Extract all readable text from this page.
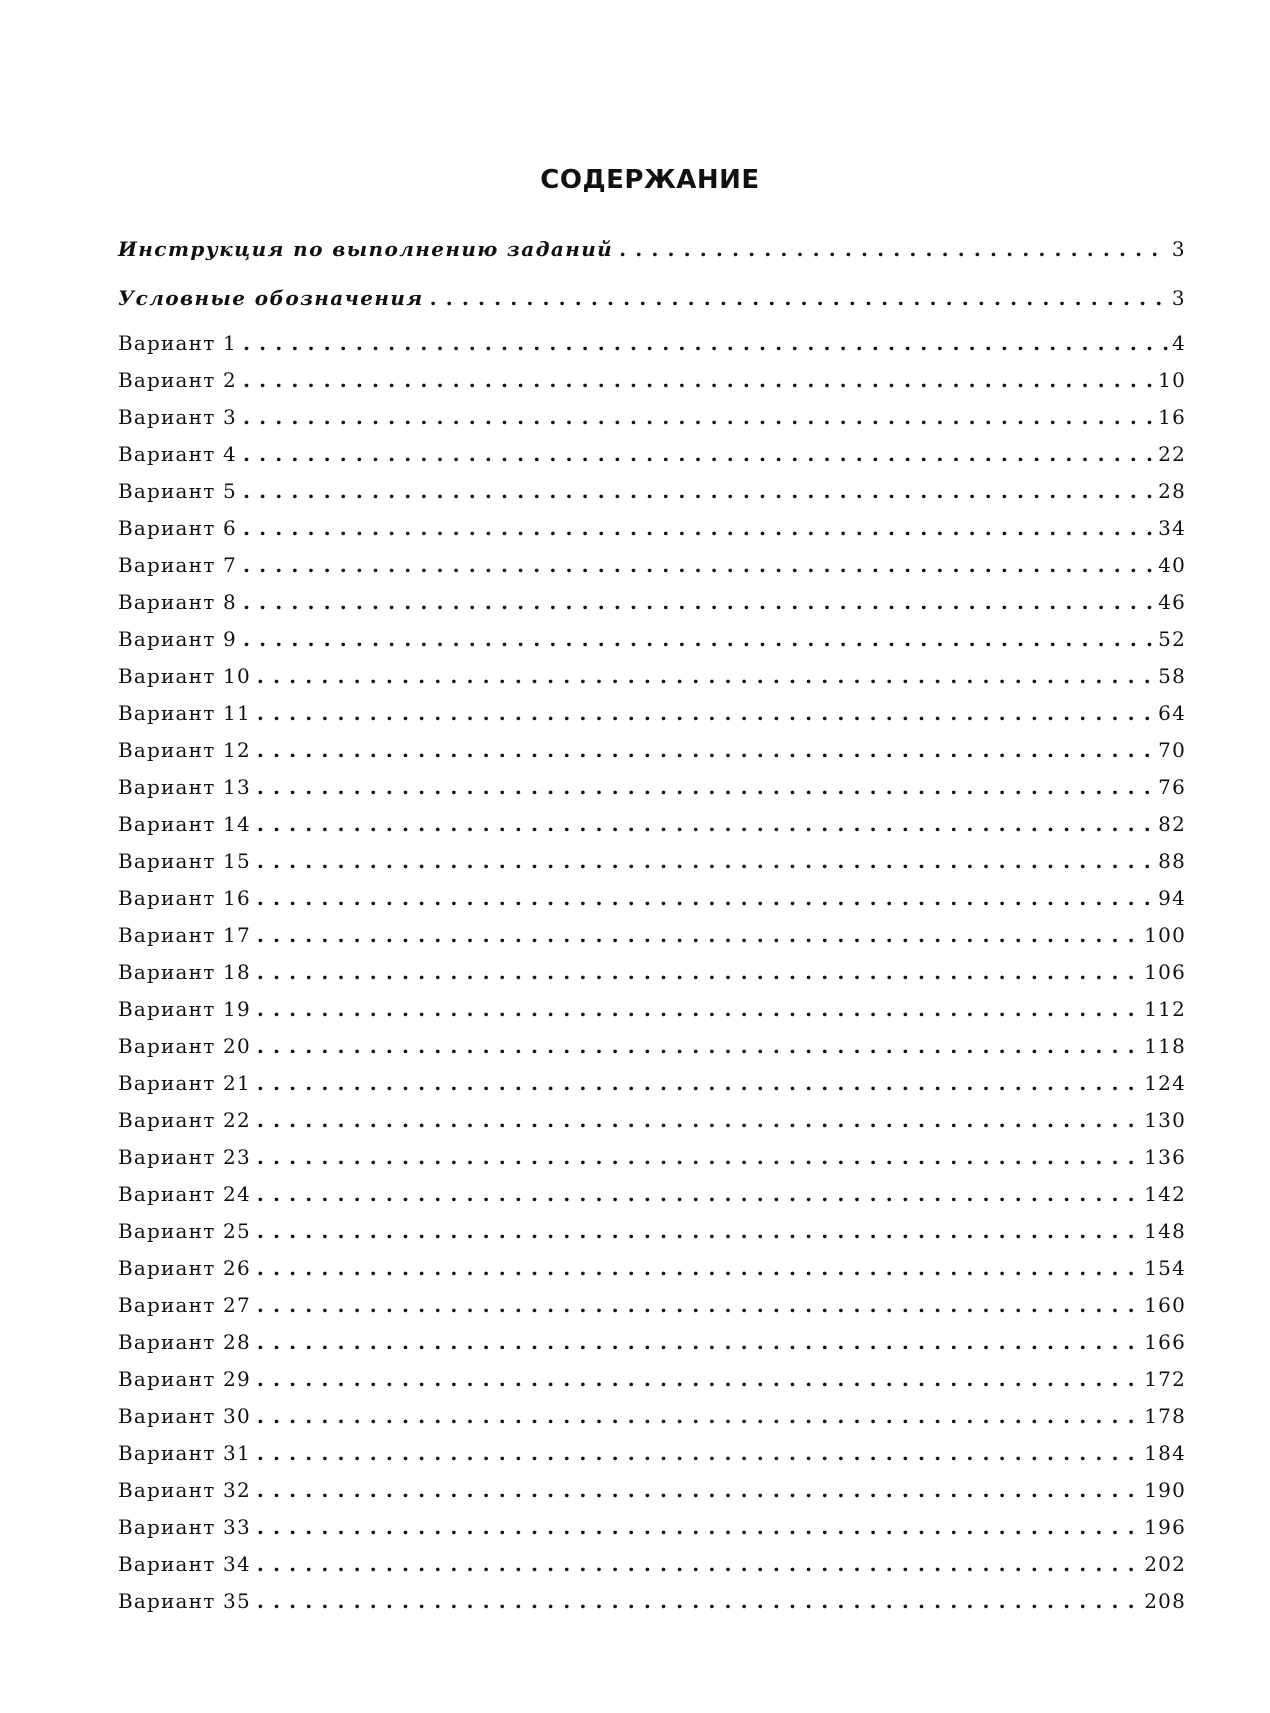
СОДЕРЖАНИЕ
Инструкция по выполнению заданий . . .	3
Условные обозначения . . .	3
Вариант 1 . . .	4
Вариант 2 . . .	10
Вариант 3 . . .	16
Вариант 4 . . .	22
Вариант 5 . . .	28
Вариант 6 . . .	34
Вариант 7 . . .	40
Вариант 8 . . .	46
Вариант 9 . . .	52
Вариант 10 . . .	58
Вариант 11 . . .	64
Вариант 12 . . .	70
Вариант 13 . . .	76
Вариант 14 . . .	82
Вариант 15 . . .	88
Вариант 16 . . .	94
Вариант 17 . . .	100
Вариант 18 . . .	106
Вариант 19 . . .	112
Вариант 20 . . .	118
Вариант 21 . . .	124
Вариант 22 . . .	130
Вариант 23 . . .	136
Вариант 24 . . .	142
Вариант 25 . . .	148
Вариант 26 . . .	154
Вариант 27 . . .	160
Вариант 28 . . .	166
Вариант 29 . . .	172
Вариант 30 . . .	178
Вариант 31 . . .	184
Вариант 32 . . .	190
Вариант 33 . . .	196
Вариант 34 . . .	202
Вариант 35 . . .	208
